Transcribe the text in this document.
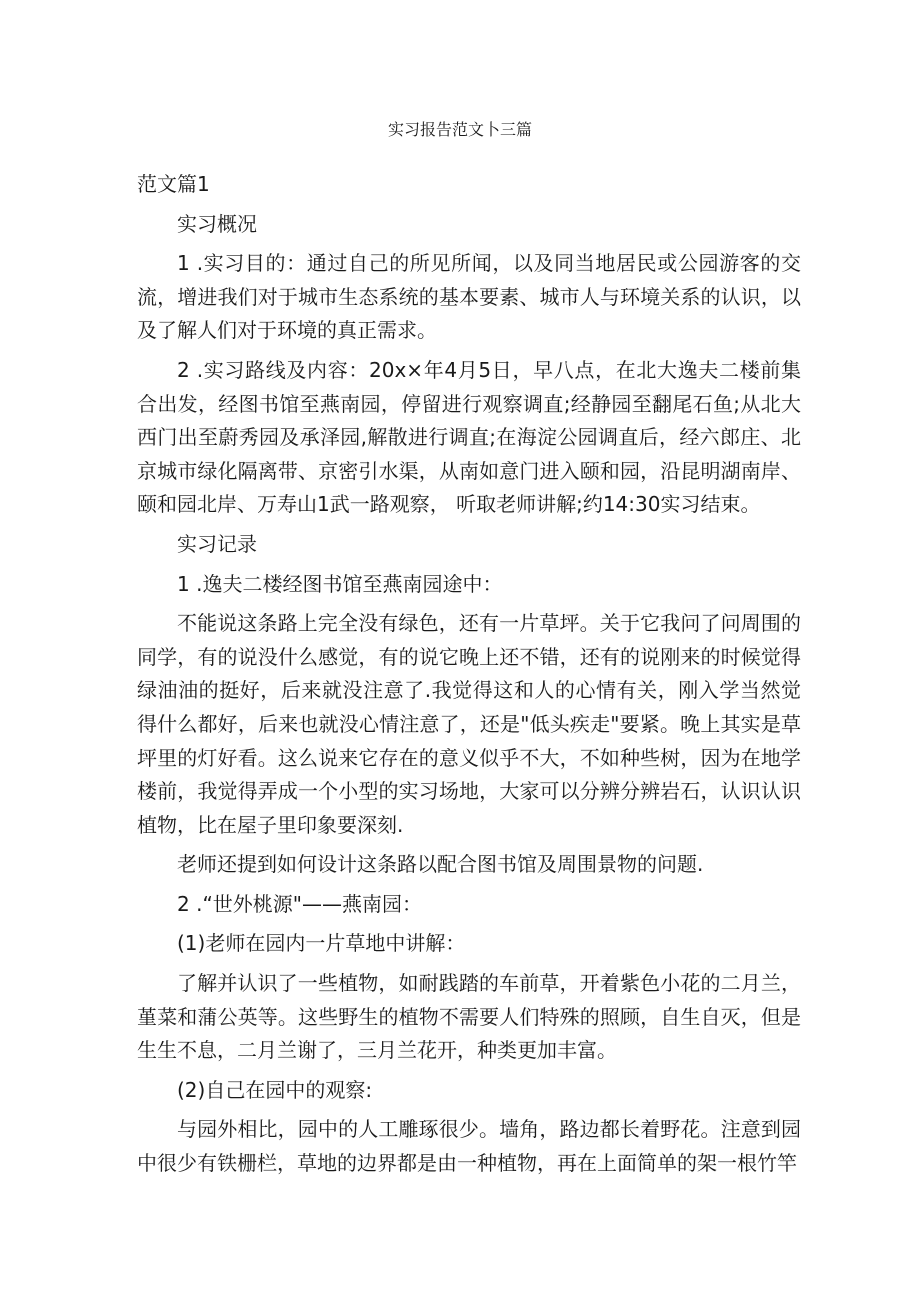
实习报告范文卜三篇

范文篇1

实习概况

1 .实习目的：通过自己的所见所闻，以及同当地居民或公园游客的交流，增进我们对于城市生态系统的基本要素、城市人与环境关系的认识，以及了解人们对于环境的真正需求。

2 .实习路线及内容：20x×年4月5日，早八点，在北大逸夫二楼前集合出发，经图书馆至燕南园，停留进行观察调直;经静园至翻尾石鱼;从北大西门出至蔚秀园及承泽园,解散进行调直;在海淀公园调直后，经六郎庄、北京城市绿化隔离带、京密引水渠，从南如意门进入颐和园，沿昆明湖南岸、颐和园北岸、万寿山1武一路观察， 听取老师讲解;约14:30实习结束。

实习记录

1 .逸夫二楼经图书馆至燕南园途中：

不能说这条路上完全没有绿色，还有一片草坪。关于它我问了问周围的同学，有的说没什么感觉，有的说它晚上还不错，还有的说刚来的时候觉得绿油油的挺好，后来就没注意了.我觉得这和人的心情有关，刚入学当然觉得什么都好，后来也就没心情注意了，还是"低头疾走"要紧。晚上其实是草坪里的灯好看。这么说来它存在的意义似乎不大，不如种些树，因为在地学楼前，我觉得弄成一个小型的实习场地，大家可以分辨分辨岩石，认识认识植物，比在屋子里印象要深刻.

老师还提到如何设计这条路以配合图书馆及周围景物的问题.

2 .“世外桃源"——燕南园：

(1)老师在园内一片草地中讲解：

了解并认识了一些植物，如耐践踏的车前草，开着紫色小花的二月兰，堇菜和蒲公英等。这些野生的植物不需要人们特殊的照顾，自生自灭，但是生生不息，二月兰谢了，三月兰花开，种类更加丰富。

(2)自己在园中的观察:

与园外相比，园中的人工雕琢很少。墙角，路边都长着野花。注意到园中很少有铁栅栏，草地的边界都是由一种植物，再在上面简单的架一根竹竿
